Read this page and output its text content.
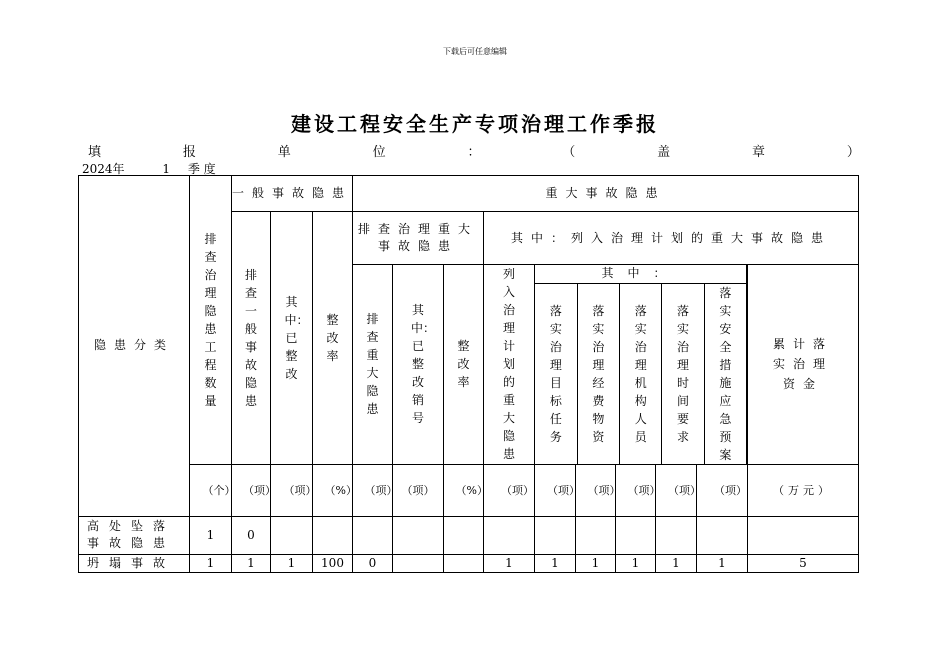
下载后可任意编辑
建设工程安全生产专项治理工作季报
填	报	单	位	：	（	盖	章	）
2024年	1 季 度
隐患分类	排查治理隐患工程数量	一般事故隐患	重大事故隐患
排查一般事故隐患	其中：已整改	整改率	排查治理重大事故隐患	其中：列入治理计划的重大事故隐患
排查重大隐患	其中：已整改销号	整改率	列入治理计划的重大隐患	
其中：
落实治理目标任务	落实治理经费物资	落实治理机构人员	落实治理时间要求	落实安全措施应急预案
	累计落实治理资金
（个）	（项）	（项）	（%）	（项）	（项）	（%）	（项）	（项）	（项）	（项）	（项）	（项）	（万元）
高处坠落事故隐患	1	0												
坍塌事故	1	1	1	100	0			1	1	1	1	1	1	5
